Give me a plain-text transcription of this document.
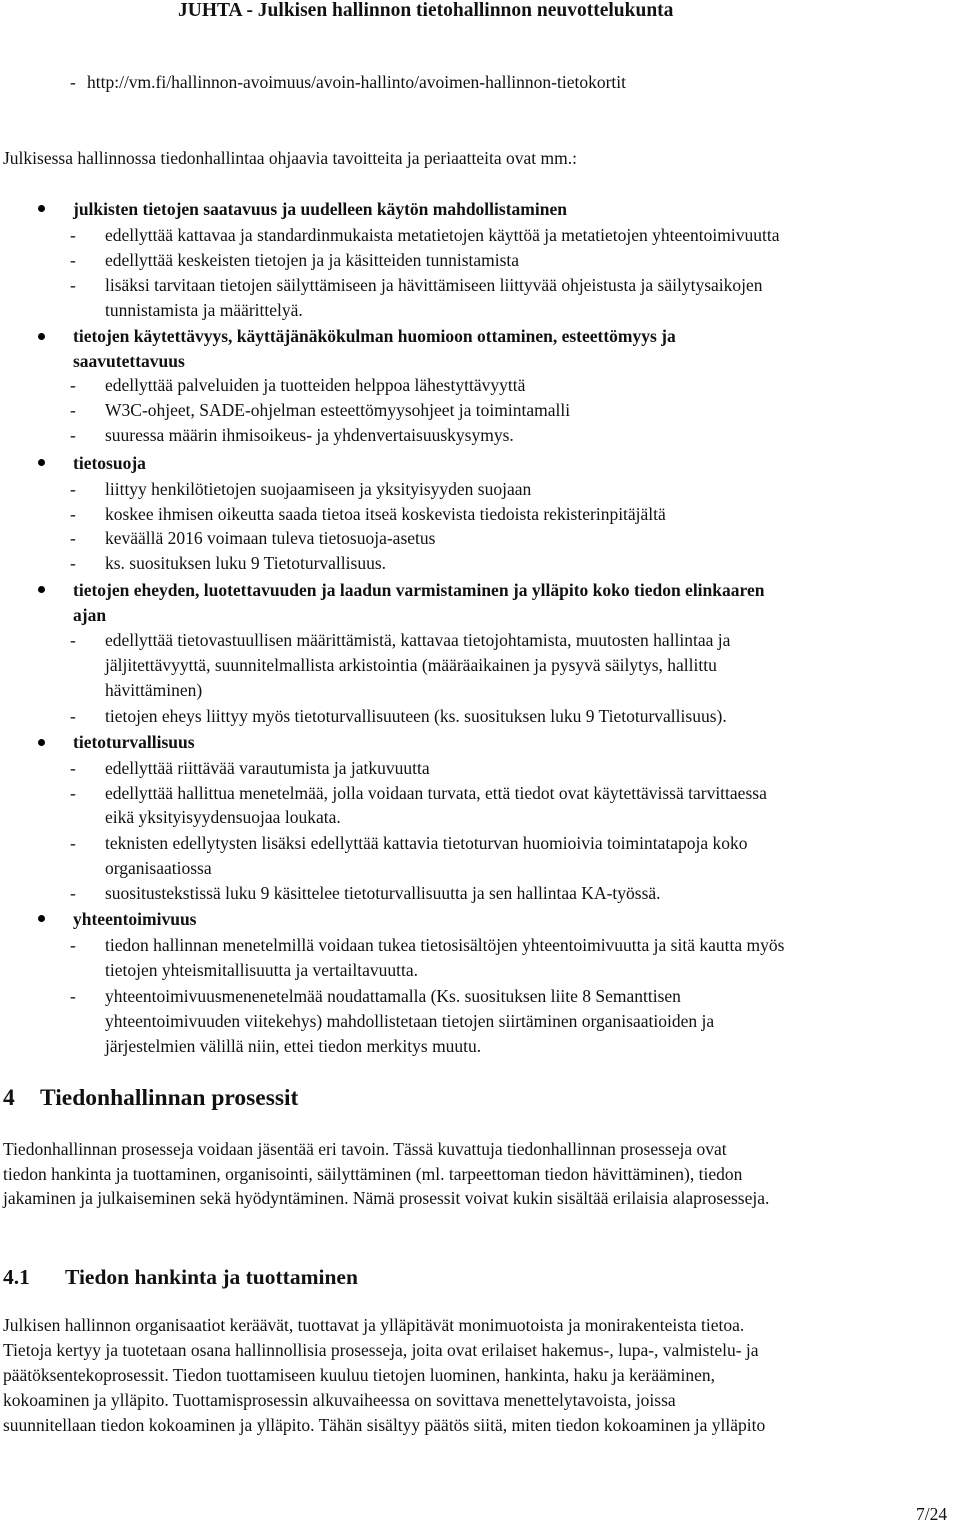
JUHTA - Julkisen hallinnon tietohallinnon neuvottelukunta
- http://vm.fi/hallinnon-avoimuus/avoin-hallinto/avoimen-hallinnon-tietokortit
Julkisessa hallinnossa tiedonhallintaa ohjaavia tavoitteita ja periaatteita ovat mm.:
julkisten tietojen saatavuus ja uudelleen käytön mahdollistaminen
- edellyttää kattavaa ja standardinmukaista metatietojen käyttöä ja metatietojen yhteentoimivuutta
- edellyttää keskeisten tietojen ja ja käsitteiden tunnistamista
- lisäksi tarvitaan tietojen säilyttämiseen ja hävittämiseen liittyvää ohjeistusta ja säilytysaikojen
tunnistamista ja määrittelyä.
tietojen käytettävyys, käyttäjänäkökulman huomioon ottaminen, esteettömyys ja
saavutettavuus
- edellyttää palveluiden ja tuotteiden helppoa lähestyttävyyttä
- W3C-ohjeet, SADE-ohjelman esteettömyysohjeet ja toimintamalli
- suuressa määrin ihmisoikeus- ja yhdenvertaisuuskysymys.
tietosuoja
- liittyy henkilötietojen suojaamiseen ja yksityisyyden suojaan
- koskee ihmisen oikeutta saada tietoa itseä koskevista tiedoista rekisterinpitäjältä
- keväällä 2016 voimaan tuleva tietosuoja-asetus
- ks. suosituksen luku 9 Tietoturvallisuus.
tietojen eheyden, luotettavuuden ja laadun varmistaminen ja ylläpito koko tiedon elinkaaren
ajan
- edellyttää tietovastuullisen määrittämistä, kattavaa tietojohtamista, muutosten hallintaa ja
jäljitettävyyttä, suunnitelmallista arkistointia (määräaikainen ja pysyvä säilytys, hallittu
hävittäminen)
- tietojen eheys liittyy myös tietoturvallisuuteen (ks. suosituksen luku 9 Tietoturvallisuus).
tietoturvallisuus
- edellyttää riittävää varautumista ja jatkuvuutta
- edellyttää hallittua menetelmää, jolla voidaan turvata, että tiedot ovat käytettävissä tarvittaessa
eikä yksityisyydensuojaa loukata.
- teknisten edellytysten lisäksi edellyttää kattavia tietoturvan huomioivia toimintatapoja koko
organisaatiossa
- suositustekstissä luku 9 käsittelee tietoturvallisuutta ja sen hallintaa KA-työssä.
yhteentoimivuus
- tiedon hallinnan menetelmillä voidaan tukea tietosisältöjen yhteentoimivuutta ja sitä kautta myös
tietojen yhteismitallisuutta ja vertailtavuutta.
- yhteentoimivuusmenenetelmää noudattamalla (Ks. suosituksen liite 8 Semanttisen
yhteentoimivuuden viitekehys) mahdollistetaan tietojen siirtäminen organisaatioiden ja
järjestelmien välillä niin, ettei tiedon merkitys muutu.
4 Tiedonhallinnan prosessit
Tiedonhallinnan prosesseja voidaan jäsentää eri tavoin. Tässä kuvattuja tiedonhallinnan prosesseja ovat
tiedon hankinta ja tuottaminen, organisointi, säilyttäminen (ml. tarpeettoman tiedon hävittäminen), tiedon
jakaminen ja julkaiseminen sekä hyödyntäminen. Nämä prosessit voivat kukin sisältää erilaisia alaprosesseja.
4.1 Tiedon hankinta ja tuottaminen
Julkisen hallinnon organisaatiot keräävät, tuottavat ja ylläpitävät monimuotoista ja monirakenteista tietoa.
Tietoja kertyy ja tuotetaan osana hallinnollisia prosesseja, joita ovat erilaiset hakemus-, lupa-, valmistelu- ja
päätöksentekoprosessit. Tiedon tuottamiseen kuuluu tietojen luominen, hankinta, haku ja kerääminen,
kokoaminen ja ylläpito. Tuottamisprosessin alkuvaiheessa on sovittava menettelytavoista, joissa
suunnitellaan tiedon kokoaminen ja ylläpito. Tähän sisältyy päätös siitä, miten tiedon kokoaminen ja ylläpito
7/24
